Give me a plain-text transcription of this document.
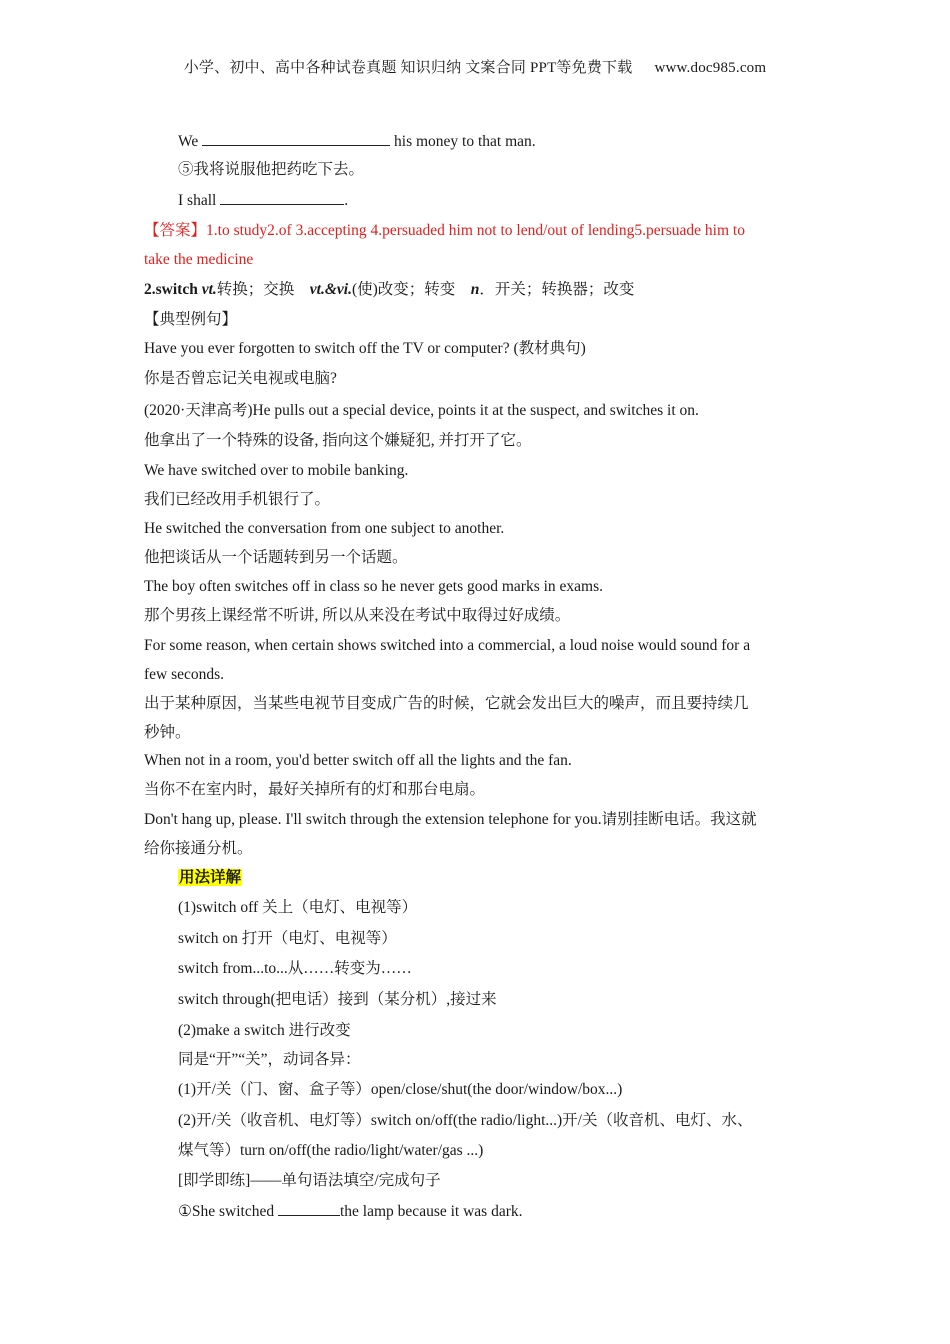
小学、初中、高中各种试卷真题 知识归纳 文案合同 PPT等免费下载 www.doc985.com
We	his money to that man.
⑤我将说服他把药吃下去。
I shall	.
【答案】1.to study2.of 3.accepting 4.persuaded him not to lend/out of lending5.persuade him to
take the medicine
2.switch vt.转换；交换 vt.&vi.(使)改变；转变 n．开关；转换器；改变
【典型例句】
Have you ever forgotten to switch off the TV or computer? (教材典句)
你是否曾忘记关电视或电脑?
(2020·天津高考)He pulls out a special device, points it at the suspect, and switches it on.
他拿出了一个特殊的设备, 指向这个嫌疑犯, 并打开了它。
We have switched over to mobile banking.
我们已经改用手机银行了。
He switched the conversation from one subject to another.
他把谈话从一个话题转到另一个话题。
The boy often switches off in class so he never gets good marks in exams.
那个男孩上课经常不听讲, 所以从来没在考试中取得过好成绩。
For some reason, when certain shows switched into a commercial, a loud noise would sound for a
few seconds.
出于某种原因，当某些电视节目变成广告的时候，它就会发出巨大的噪声，而且要持续几
秒钟。
When not in a room, you'd better switch off all the lights and the fan.
当你不在室内时，最好关掉所有的灯和那台电扇。
Don't hang up, please. I'll switch through the extension telephone for you.请别挂断电话。我这就
给你接通分机。
用法详解
(1)switch off 关上（电灯、电视等）
switch on 打开（电灯、电视等）
switch from...to...从……转变为……
switch through(把电话）接到（某分机）,接过来
(2)make a switch 进行改变
同是“开”“关”，动词各异：
(1)开/关（门、窗、盒子等）open/close/shut(the door/window/box...)
(2)开/关（收音机、电灯等）switch on/off(the radio/light...)开/关（收音机、电灯、水、
煤气等）turn on/off(the radio/light/water/gas ...)
[即学即练]——单句语法填空/完成句子
①She switched	the lamp because it was dark.
